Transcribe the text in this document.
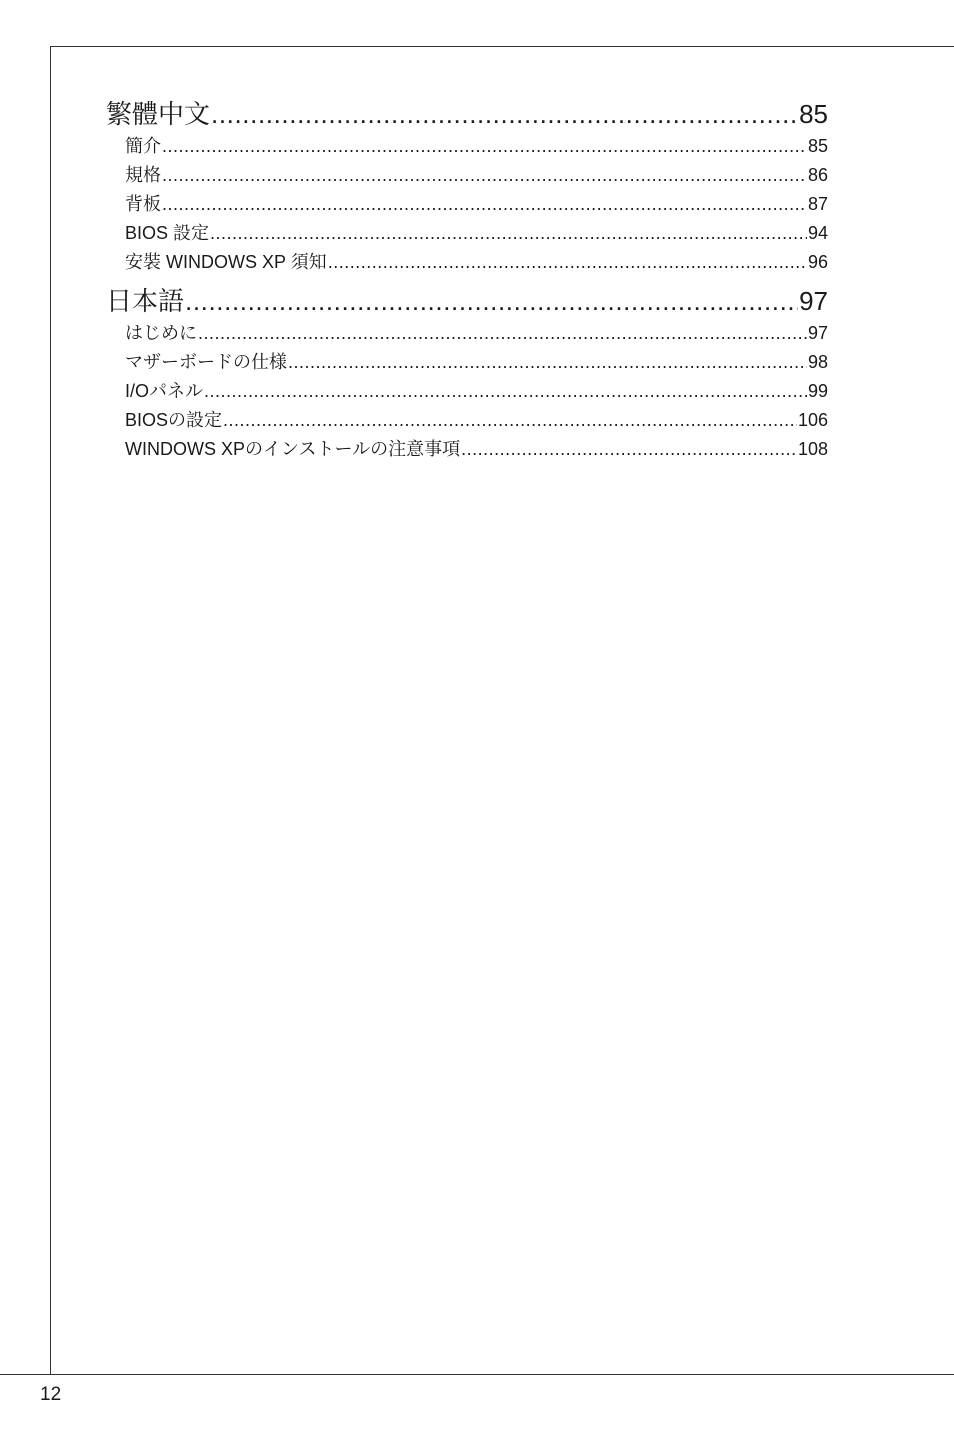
繁體中文 .....	85
簡介 .....	85
規格 .....	86
背板 .....	87
BIOS 設定 .....	94
安裝 WINDOWS XP 須知 .....	96
日本語 .....	97
はじめに .....	97
マザーボードの仕様 .....	98
I/Oパネル .....	99
BIOSの設定 .....	106
WINDOWS XPのインストールの注意事項 .....	108
12
